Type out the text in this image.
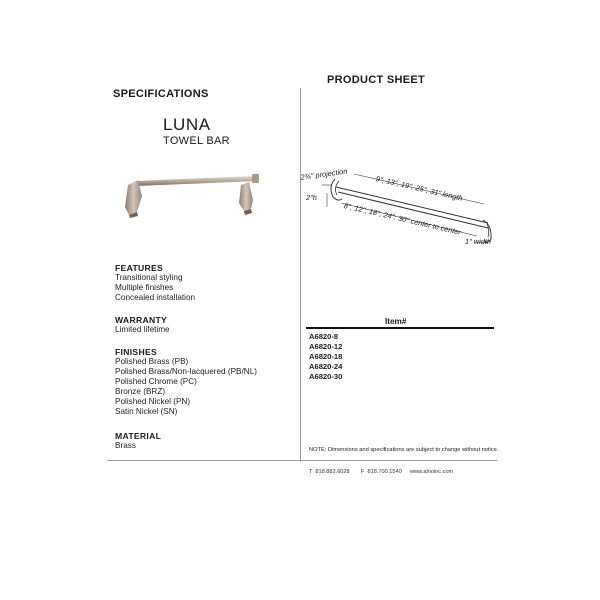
PRODUCT SHEET
SPECIFICATIONS
LUNA
TOWEL BAR
2¾" projection
2"h	9", 13", 19", 25", 31" length
8", 12", 18", 24", 30" center to center
1" width
FEATURES
Transitional styling
Multiple finishes
Concealed installation
WARRANTY
Limited lifetime
FINISHES
Polished Brass (PB)
Polished Brass/Non-lacquered (PB/NL)
Polished Chrome (PC)
Bronze (BRZ)
Polished Nickel (PN)
Satin Nickel (SN)
MATERIAL
Brass
Item#
A6820-8
A6820-12
A6820-18
A6820-24
A6820-30
NOTE: Dimensions and specifications are subject to change without notice.
T  818.882.6028 F  818.700.1540 www.alnoinc.com
